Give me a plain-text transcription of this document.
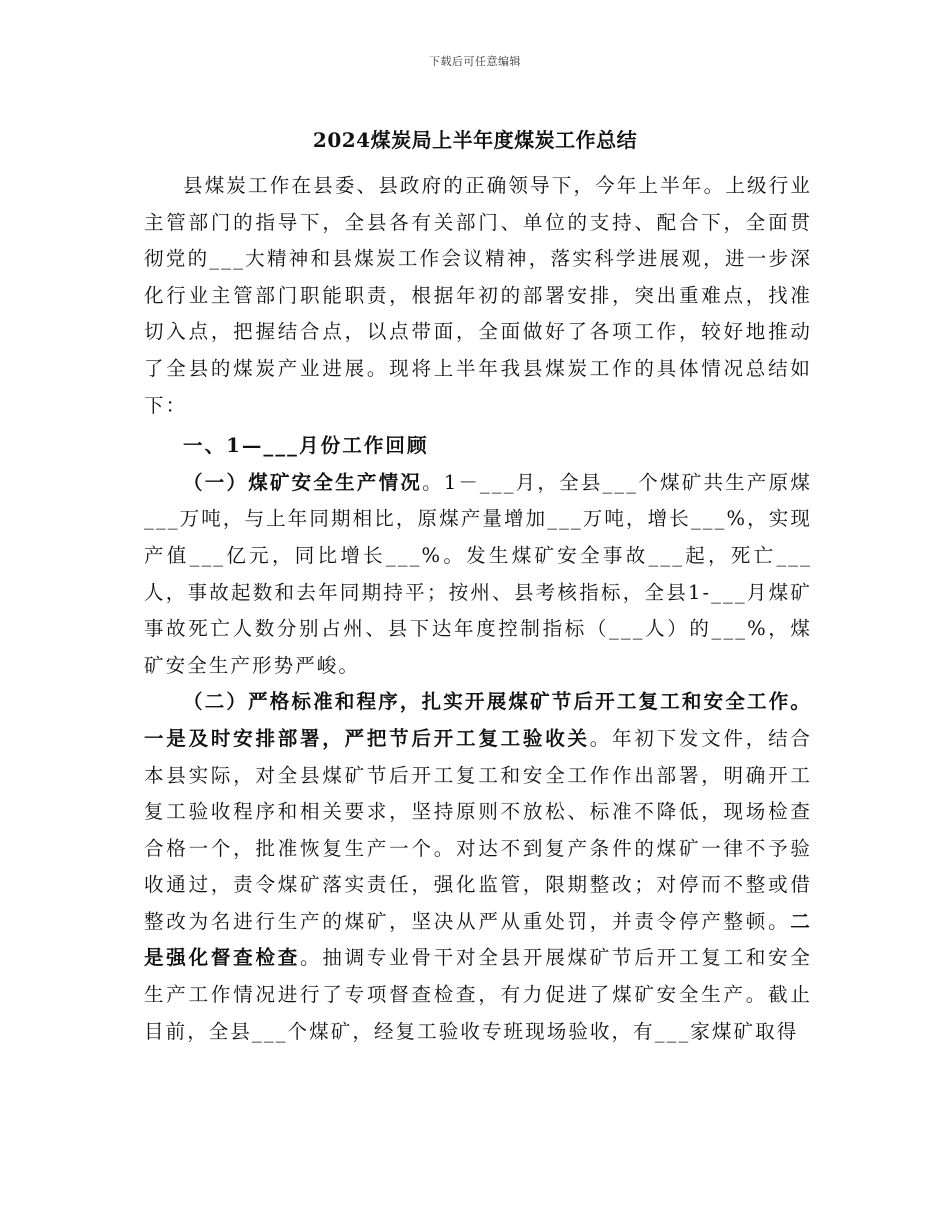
下载后可任意编辑
2024煤炭局上半年度煤炭工作总结

县煤炭工作在县委、县政府的正确领导下，今年上半年。上级行业主管部门的指导下，全县各有关部门、单位的支持、配合下，全面贯彻党的___大精神和县煤炭工作会议精神，落实科学进展观，进一步深化行业主管部门职能职责，根据年初的部署安排，突出重难点，找准切入点，把握结合点，以点带面，全面做好了各项工作，较好地推动了全县的煤炭产业进展。现将上半年我县煤炭工作的具体情况总结如下：

一、1—___月份工作回顾

（一）煤矿安全生产情况。1－___月，全县___个煤矿共生产原煤___万吨，与上年同期相比，原煤产量增加___万吨，增长___%，实现产值___亿元，同比增长___%。发生煤矿安全事故___起，死亡___人，事故起数和去年同期持平；按州、县考核指标，全县1-___月煤矿事故死亡人数分别占州、县下达年度控制指标（___人）的___%，煤矿安全生产形势严峻。

（二）严格标准和程序，扎实开展煤矿节后开工复工和安全工作。一是及时安排部署，严把节后开工复工验收关。年初下发文件，结合本县实际，对全县煤矿节后开工复工和安全工作作出部署，明确开工复工验收程序和相关要求，坚持原则不放松、标准不降低，现场检查合格一个，批准恢复生产一个。对达不到复产条件的煤矿一律不予验收通过，责令煤矿落实责任，强化监管，限期整改；对停而不整或借整改为名进行生产的煤矿，坚决从严从重处罚，并责令停产整顿。二是强化督查检查。抽调专业骨干对全县开展煤矿节后开工复工和安全生产工作情况进行了专项督查检查，有力促进了煤矿安全生产。截止目前，全县___个煤矿，经复工验收专班现场验收，有___家煤矿取得
